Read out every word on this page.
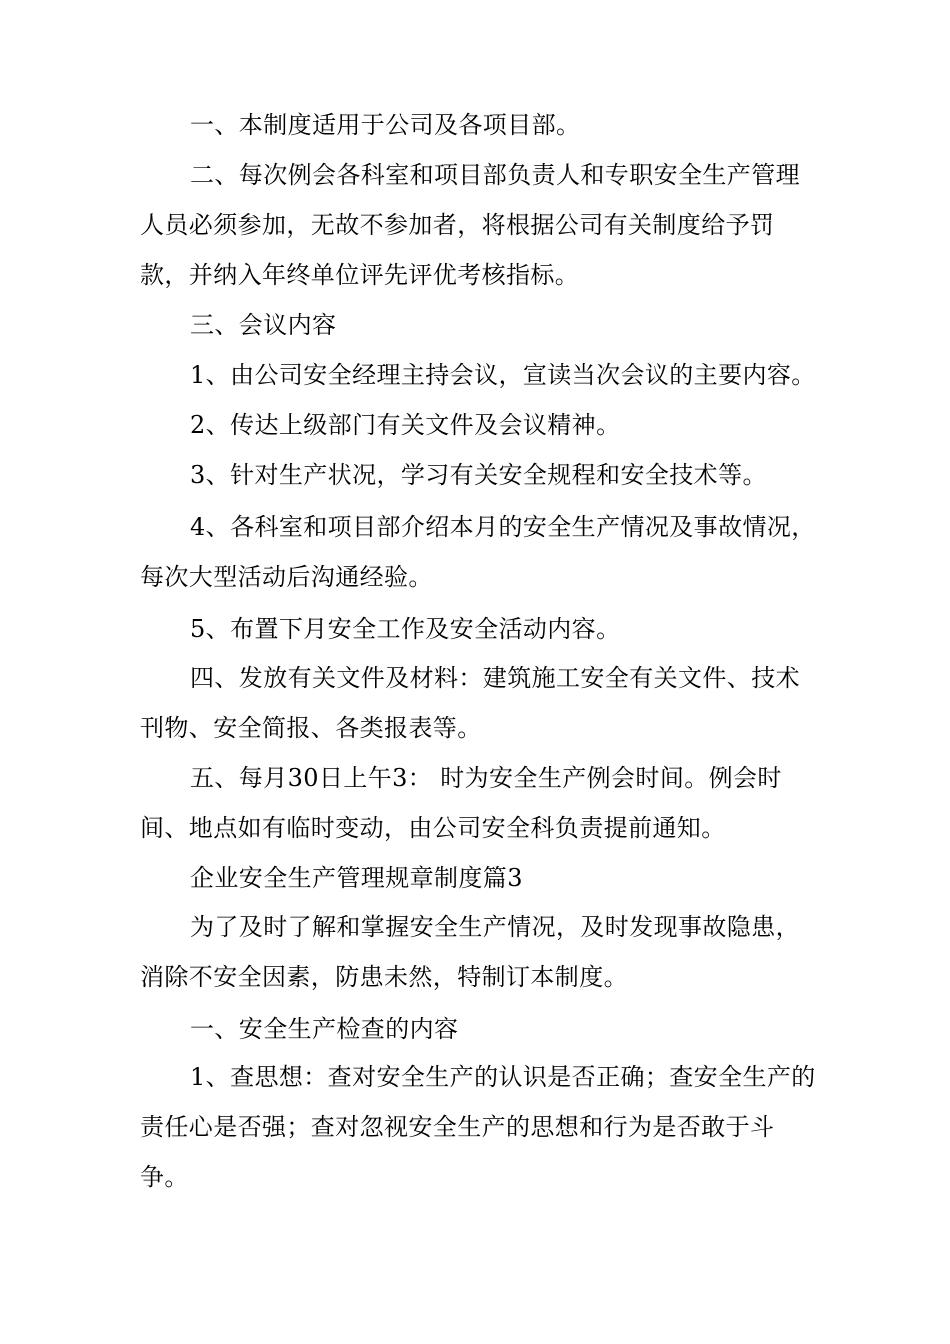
一、本制度适用于公司及各项目部。

二、每次例会各科室和项目部负责人和专职安全生产管理人员必须参加，无故不参加者，将根据公司有关制度给予罚款，并纳入年终单位评先评优考核指标。

三、会议内容

1、由公司安全经理主持会议，宣读当次会议的主要内容。

2、传达上级部门有关文件及会议精神。

3、针对生产状况，学习有关安全规程和安全技术等。

4、各科室和项目部介绍本月的安全生产情况及事故情况，每次大型活动后沟通经验。

5、布置下月安全工作及安全活动内容。

四、发放有关文件及材料：建筑施工安全有关文件、技术刊物、安全简报、各类报表等。

五、每月30日上午3： 时为安全生产例会时间。例会时间、地点如有临时变动，由公司安全科负责提前通知。

企业安全生产管理规章制度篇3

为了及时了解和掌握安全生产情况，及时发现事故隐患，消除不安全因素，防患未然，特制订本制度。

一、安全生产检查的内容

1、查思想：查对安全生产的认识是否正确；查安全生产的责任心是否强；查对忽视安全生产的思想和行为是否敢于斗争。
